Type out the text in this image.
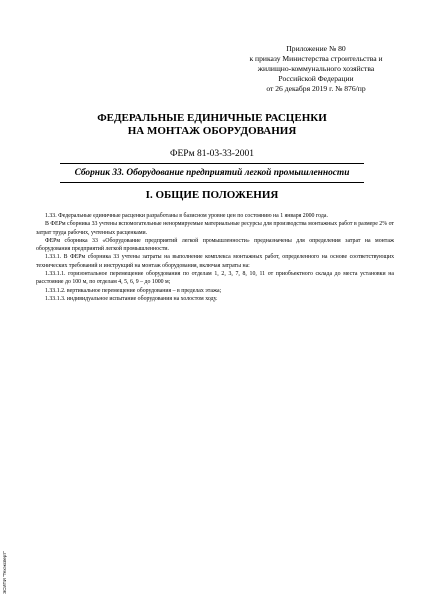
Приложение № 80
к приказу Министерства строительства и
жилищно-коммунального хозяйства
Российской Федерации
от 26 декабря 2019 г. № 876/пр
ФЕДЕРАЛЬНЫЕ ЕДИНИЧНЫЕ РАСЦЕНКИ
НА МОНТАЖ ОБОРУДОВАНИЯ
ФЕРм 81-03-33-2001
Сборник 33. Оборудование предприятий легкой промышленности
I. ОБЩИЕ ПОЛОЖЕНИЯ

1.33. Федеральные единичные расценки разработаны в базисном уровне цен по состоянию на 1 января 2000 года.

В ФЕРм сборника 33 учтены вспомогательные ненормируемые материальные ресурсы для производства монтажных работ в размере 2% от затрат труда рабочих, учтенных расценками.

ФЕРм сборника 33 «Оборудование предприятий легкой промышленности» предназначены для определения затрат на монтаж оборудования предприятий легкой промышленности.

1.33.1. В ФЕРм сборника 33 учтены затраты на выполнение комплекса монтажных работ, определенного на основе соответствующих технических требований и инструкций на монтаж оборудования, включая затраты на:

1.33.1.1. горизонтальное перемещение оборудования по отделам 1, 2, 3, 7, 8, 10, 11 от приобъектного склада до места установки на расстояние до 100 м, по отделам 4, 5, 6, 9 – до 1000 м;

1.33.1.2. вертикальное перемещение оборудования – в пределах этажа;

1.33.1.3. индивидуальное испытание оборудования на холостом ходу.

ЭСИПИ "Техэксперт"
